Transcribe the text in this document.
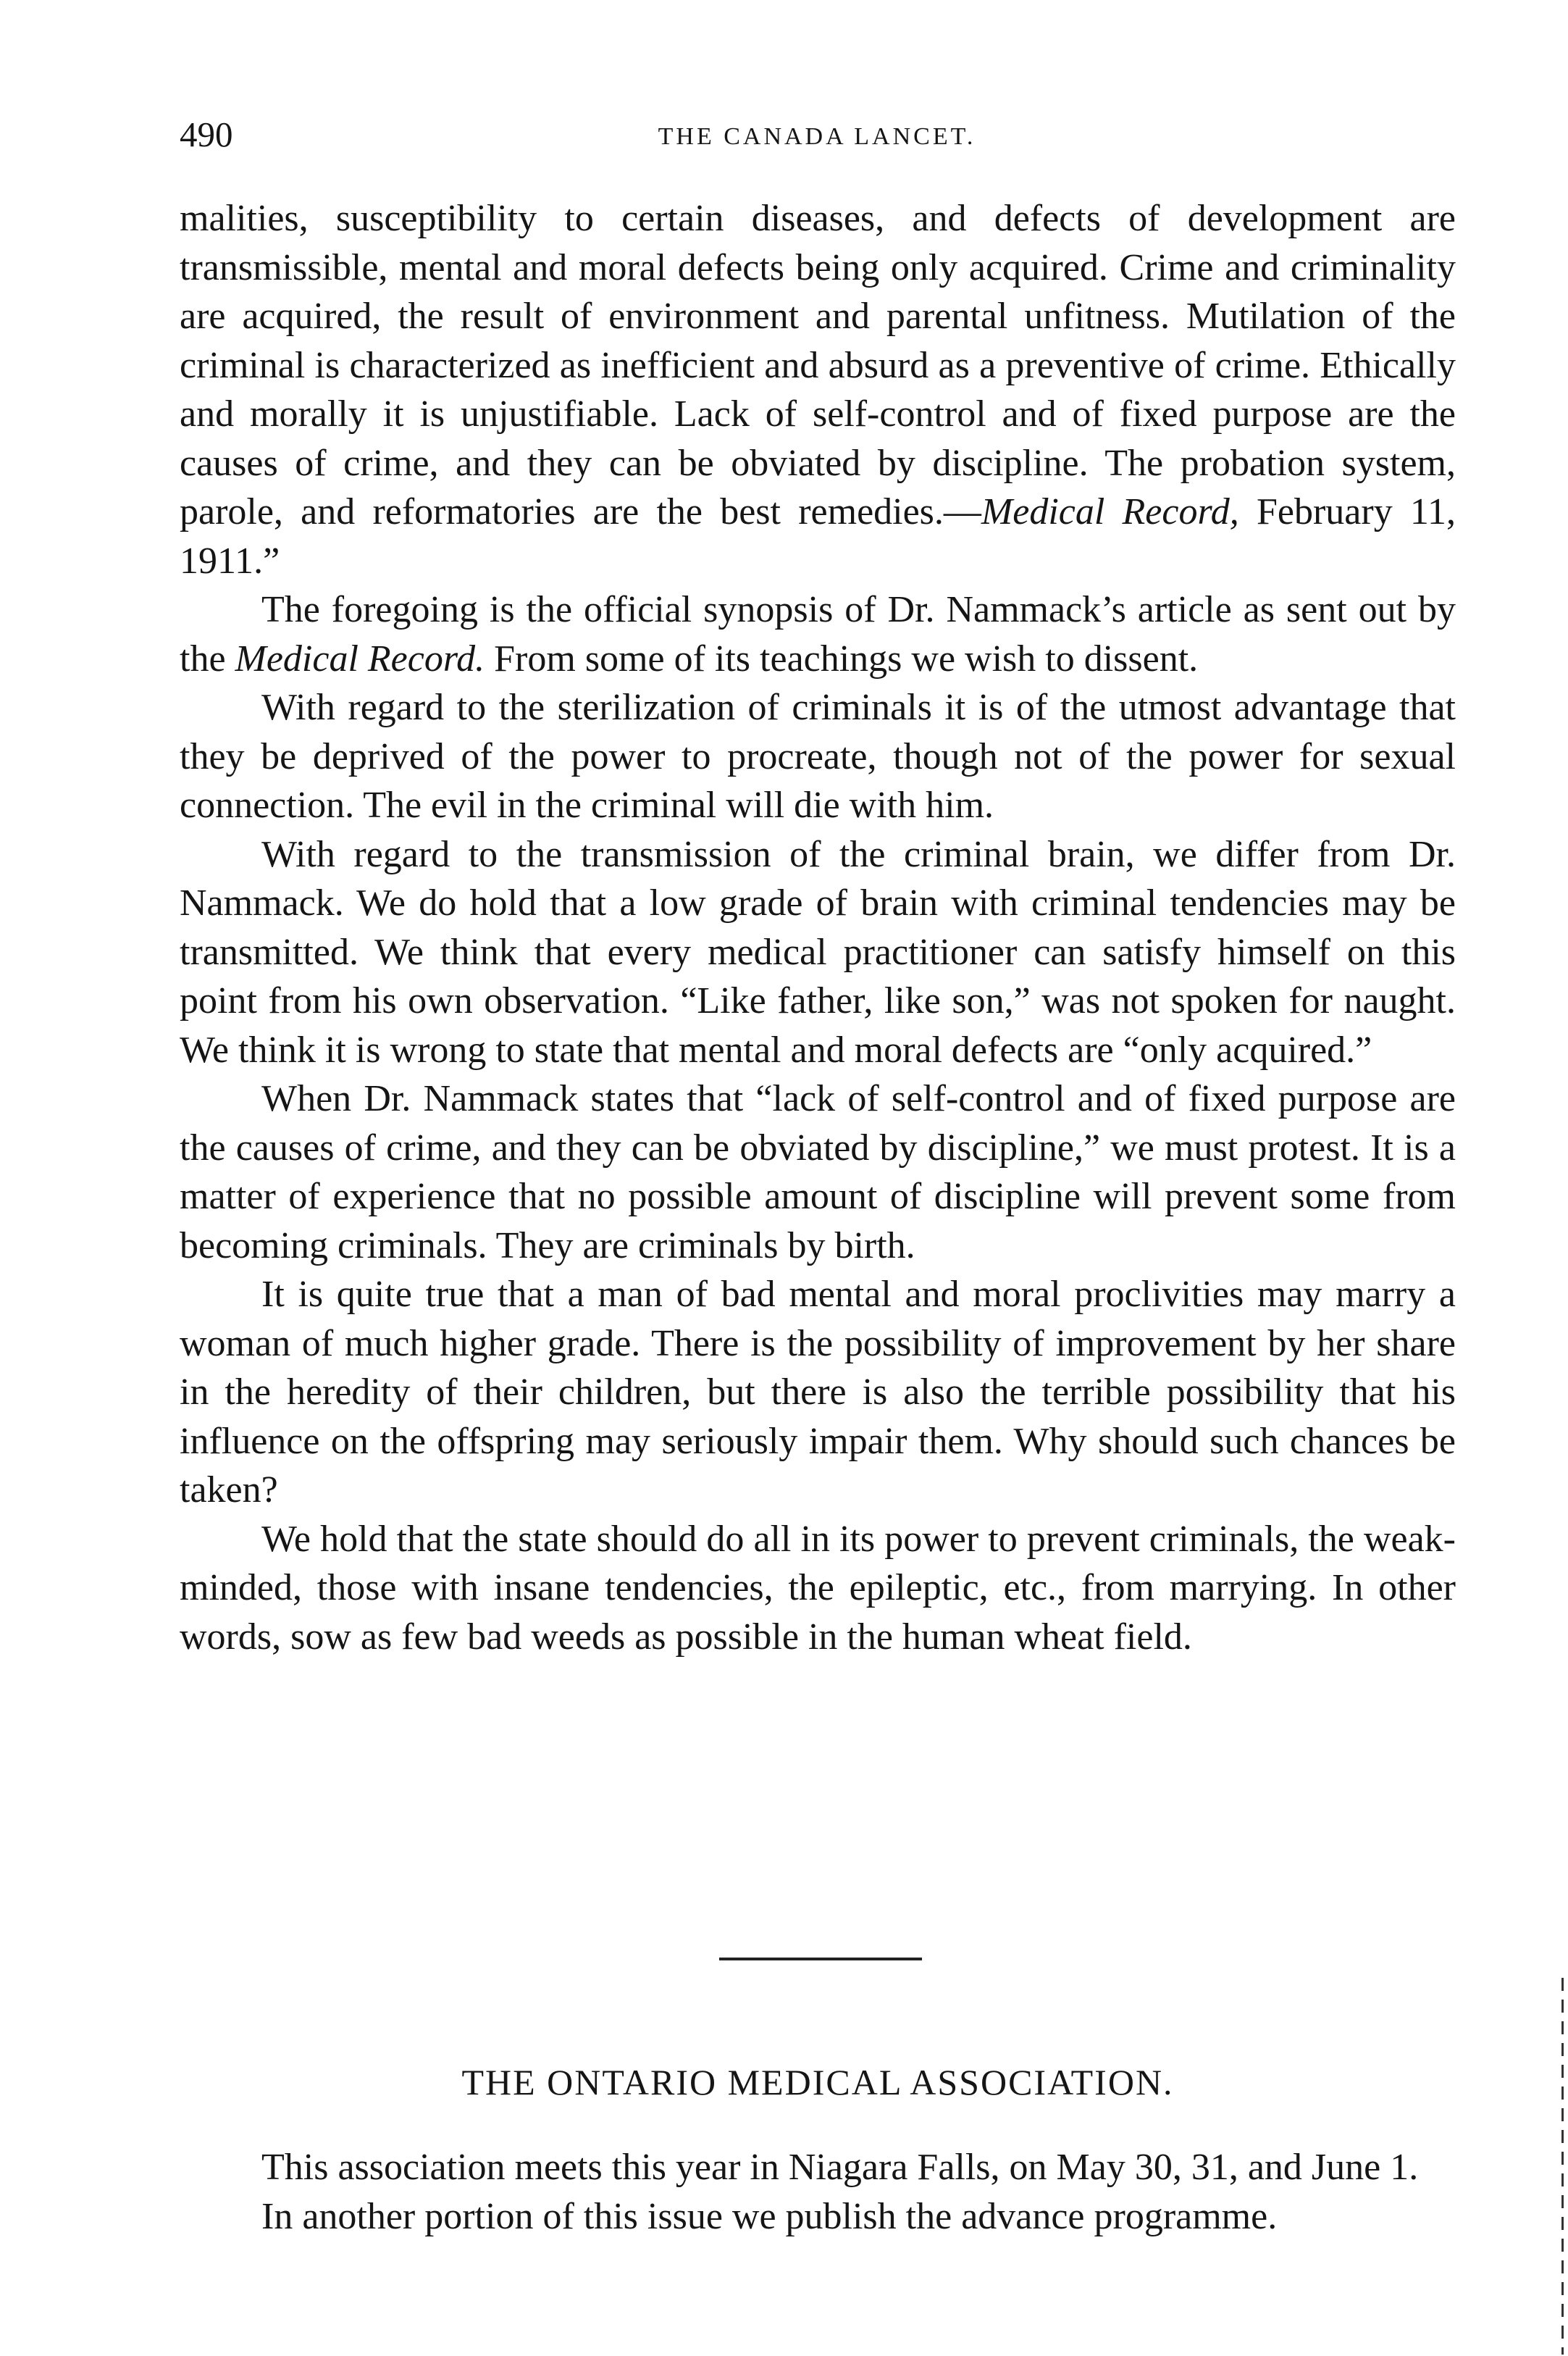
490	THE CANADA LANCET.

malities, susceptibility to certain diseases, and defects of development are transmissible, mental and moral defects being only acquired. Crime and criminality are acquired, the result of environment and parental unfitness. Mutilation of the criminal is characterized as inefficient and absurd as a preventive of crime. Ethically and morally it is unjustifiable. Lack of self-control and of fixed purpose are the causes of crime, and they can be obviated by discipline. The probation system, parole, and reformatories are the best remedies.—Medical Record, February 11, 1911.”

The foregoing is the official synopsis of Dr. Nammack’s article as sent out by the Medical Record. From some of its teachings we wish to dissent.

With regard to the sterilization of criminals it is of the utmost advantage that they be deprived of the power to procreate, though not of the power for sexual connection. The evil in the criminal will die with him.

With regard to the transmission of the criminal brain, we differ from Dr. Nammack. We do hold that a low grade of brain with criminal tendencies may be transmitted. We think that every medical practitioner can satisfy himself on this point from his own observation. “Like father, like son,” was not spoken for naught. We think it is wrong to state that mental and moral defects are “only acquired.”

When Dr. Nammack states that “lack of self-control and of fixed purpose are the causes of crime, and they can be obviated by discipline,” we must protest. It is a matter of experience that no possible amount of discipline will prevent some from becoming criminals. They are criminals by birth.

It is quite true that a man of bad mental and moral proclivities may marry a woman of much higher grade. There is the possibility of improvement by her share in the heredity of their children, but there is also the terrible possibility that his influence on the offspring may seriously impair them. Why should such chances be taken?

We hold that the state should do all in its power to prevent criminals, the weak-minded, those with insane tendencies, the epileptic, etc., from marrying. In other words, sow as few bad weeds as possible in the human wheat field.

THE ONTARIO MEDICAL ASSOCIATION.

This association meets this year in Niagara Falls, on May 30, 31, and June 1.

In another portion of this issue we publish the advance programme.
